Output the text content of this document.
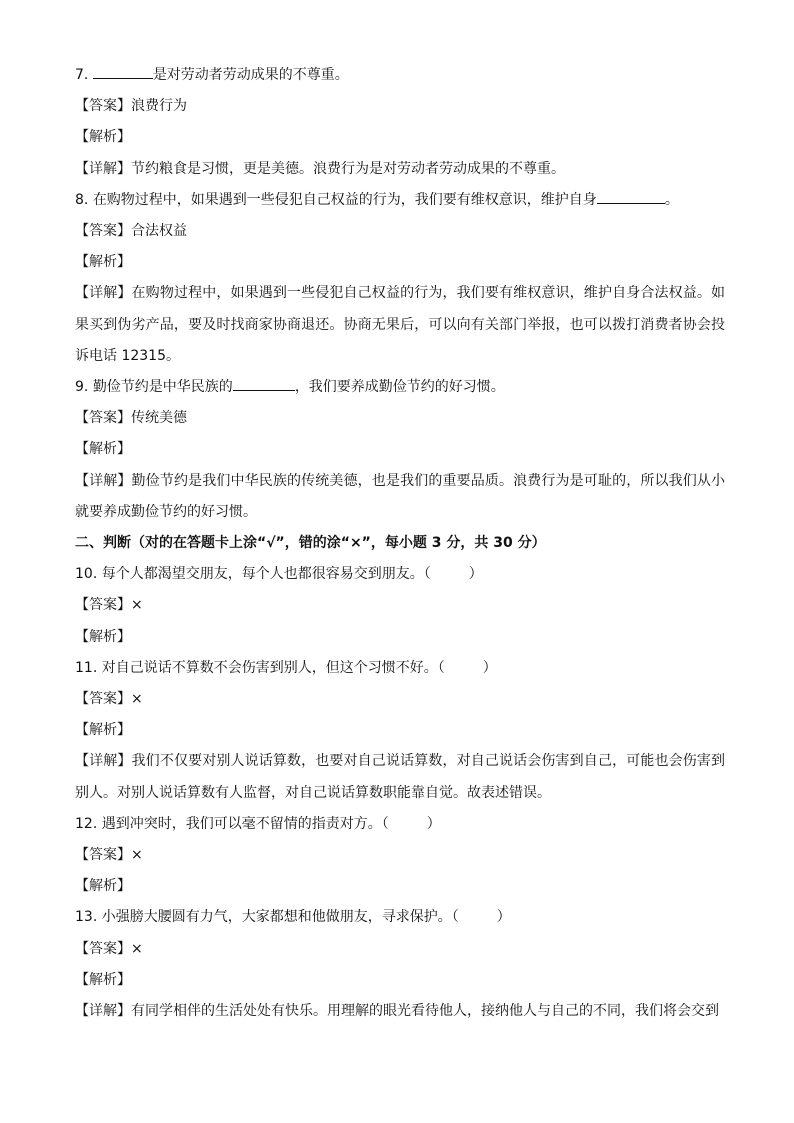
7.	是对劳动者劳动成果的不尊重。
【答案】浪费行为
【解析】
【详解】节约粮食是习惯，更是美德。浪费行为是对劳动者劳动成果的不尊重。
8. 在购物过程中，如果遇到一些侵犯自己权益的行为，我们要有维权意识，维护自身	。
【答案】合法权益
【解析】
【详解】在购物过程中，如果遇到一些侵犯自己权益的行为，我们要有维权意识，维护自身合法权益。如果买到伪劣产品，要及时找商家协商退还。协商无果后，可以向有关部门举报，也可以拨打消费者协会投诉电话 12315。
9. 勤俭节约是中华民族的	，我们要养成勤俭节约的好习惯。
【答案】传统美德
【解析】
【详解】勤俭节约是我们中华民族的传统美德，也是我们的重要品质。浪费行为是可耻的，所以我们从小就要养成勤俭节约的好习惯。
二、判断（对的在答题卡上涂“√”，错的涂“×”，每小题 3 分，共 30 分）
10. 每个人都渴望交朋友，每个人也都很容易交到朋友。（	）
【答案】×
【解析】
11. 对自己说话不算数不会伤害到别人，但这个习惯不好。（	）
【答案】×
【解析】
【详解】我们不仅要对别人说话算数，也要对自己说话算数，对自己说话会伤害到自己，可能也会伤害到别人。对别人说话算数有人监督，对自己说话算数职能靠自觉。故表述错误。
12. 遇到冲突时，我们可以毫不留情的指责对方。（	）
【答案】×
【解析】
13. 小强膀大腰圆有力气，大家都想和他做朋友，寻求保护。（	）
【答案】×
【解析】
【详解】有同学相伴的生活处处有快乐。用理解的眼光看待他人，接纳他人与自己的不同，我们将会交到
